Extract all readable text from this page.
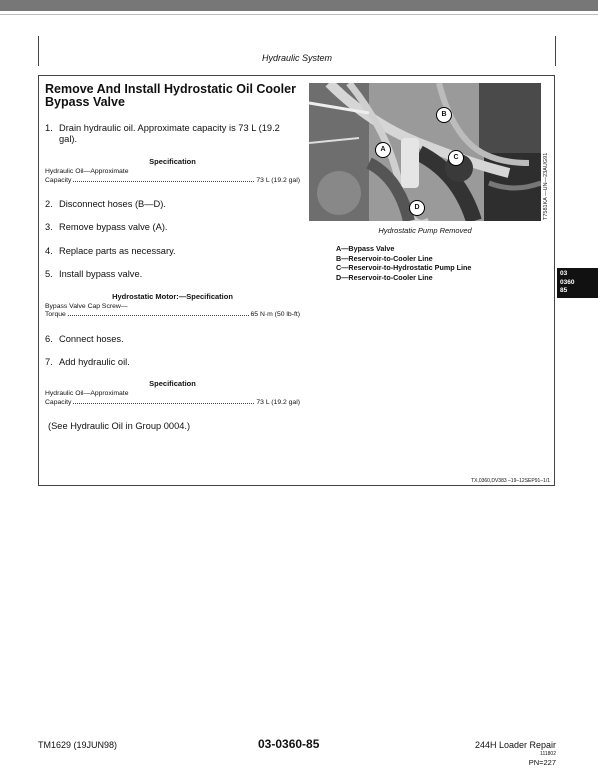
Hydraulic System
Remove And Install Hydrostatic Oil Cooler Bypass Valve
1. Drain hydraulic oil. Approximate capacity is 73 L (19.2
gal).
Specification
Hydraulic Oil—Approximate
Capacity	73 L (19.2 gal)
2. Disconnect hoses (B—D).
3. Remove bypass valve (A).
4. Replace parts as necessary.
5. Install bypass valve.
Hydrostatic Motor:—Specification
Bypass Valve Cap Screw—
Torque	65 N·m (50 lb-ft)
6. Connect hoses.
7. Add hydraulic oil.
Specification
Hydraulic Oil—Approximate
Capacity	73 L (19.2 gal)
(See Hydraulic Oil in Group 0004.)
A
B
C
D	T7581KA —UN—23AUG91
Hydrostatic Pump Removed
A—Bypass Valve
B—Reservoir-to-Cooler Line
C—Reservoir-to-Hydrostatic Pump Line
D—Reservoir-to-Cooler Line	03
0360
85
TX,0360,DV383 –19–12SEP91–1/1
TM1629 (19JUN98)	03-0360-85	244H Loader Repair
111802
PN=227
